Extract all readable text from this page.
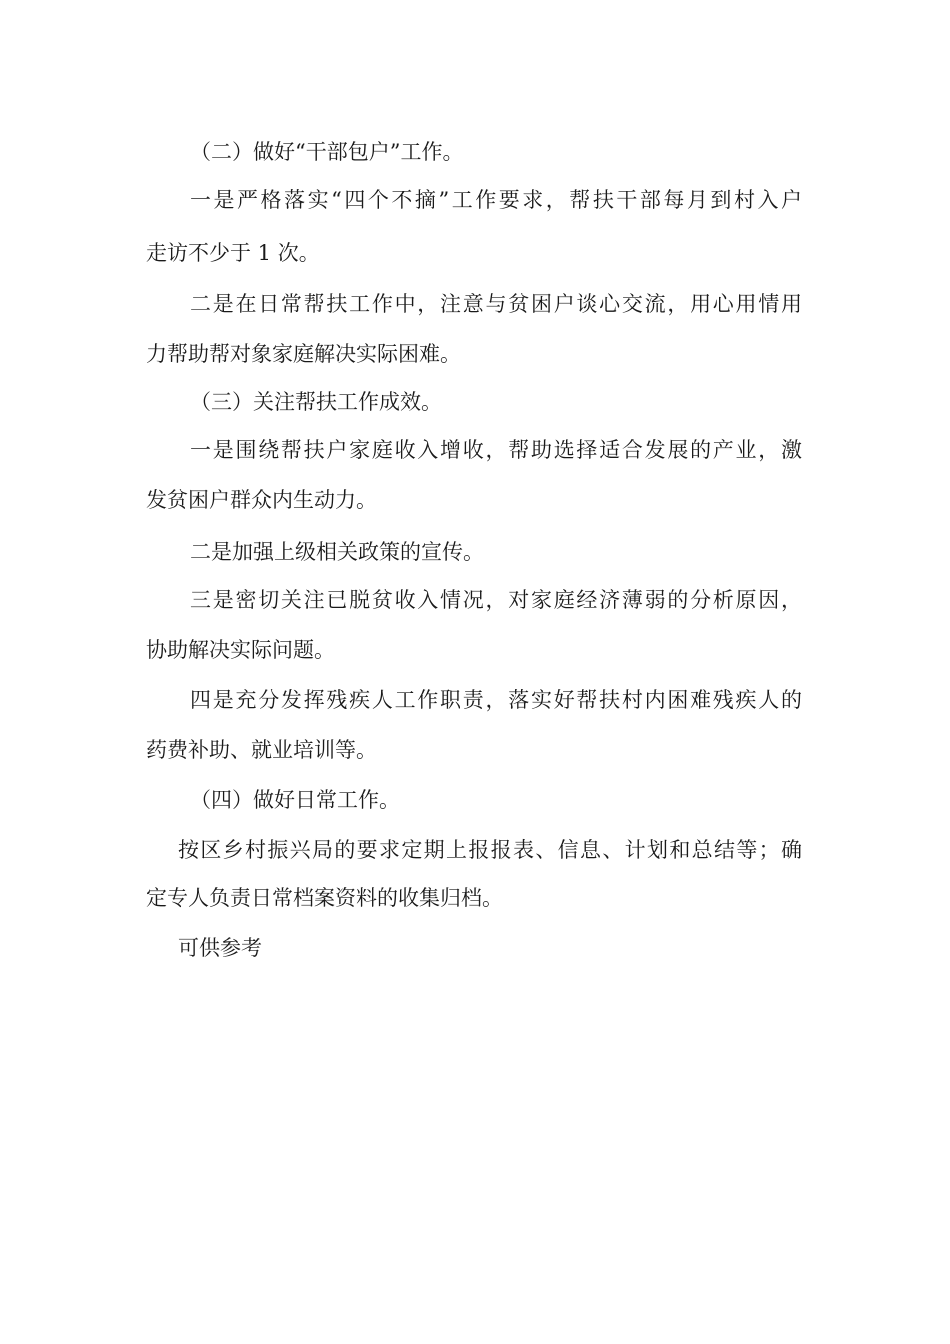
（二）做好“干部包户”工作。

一是严格落实“四个不摘”工作要求，帮扶干部每月到村入户

走访不少于 1 次。

二是在日常帮扶工作中，注意与贫困户谈心交流，用心用情用

力帮助帮对象家庭解决实际困难。

（三）关注帮扶工作成效。

一是围绕帮扶户家庭收入增收，帮助选择适合发展的产业，激

发贫困户群众内生动力。

二是加强上级相关政策的宣传。

三是密切关注已脱贫收入情况，对家庭经济薄弱的分析原因，

协助解决实际问题。

四是充分发挥残疾人工作职责，落实好帮扶村内困难残疾人的

药费补助、就业培训等。

（四）做好日常工作。

按区乡村振兴局的要求定期上报报表、信息、计划和总结等；确

定专人负责日常档案资料的收集归档。

可供参考
